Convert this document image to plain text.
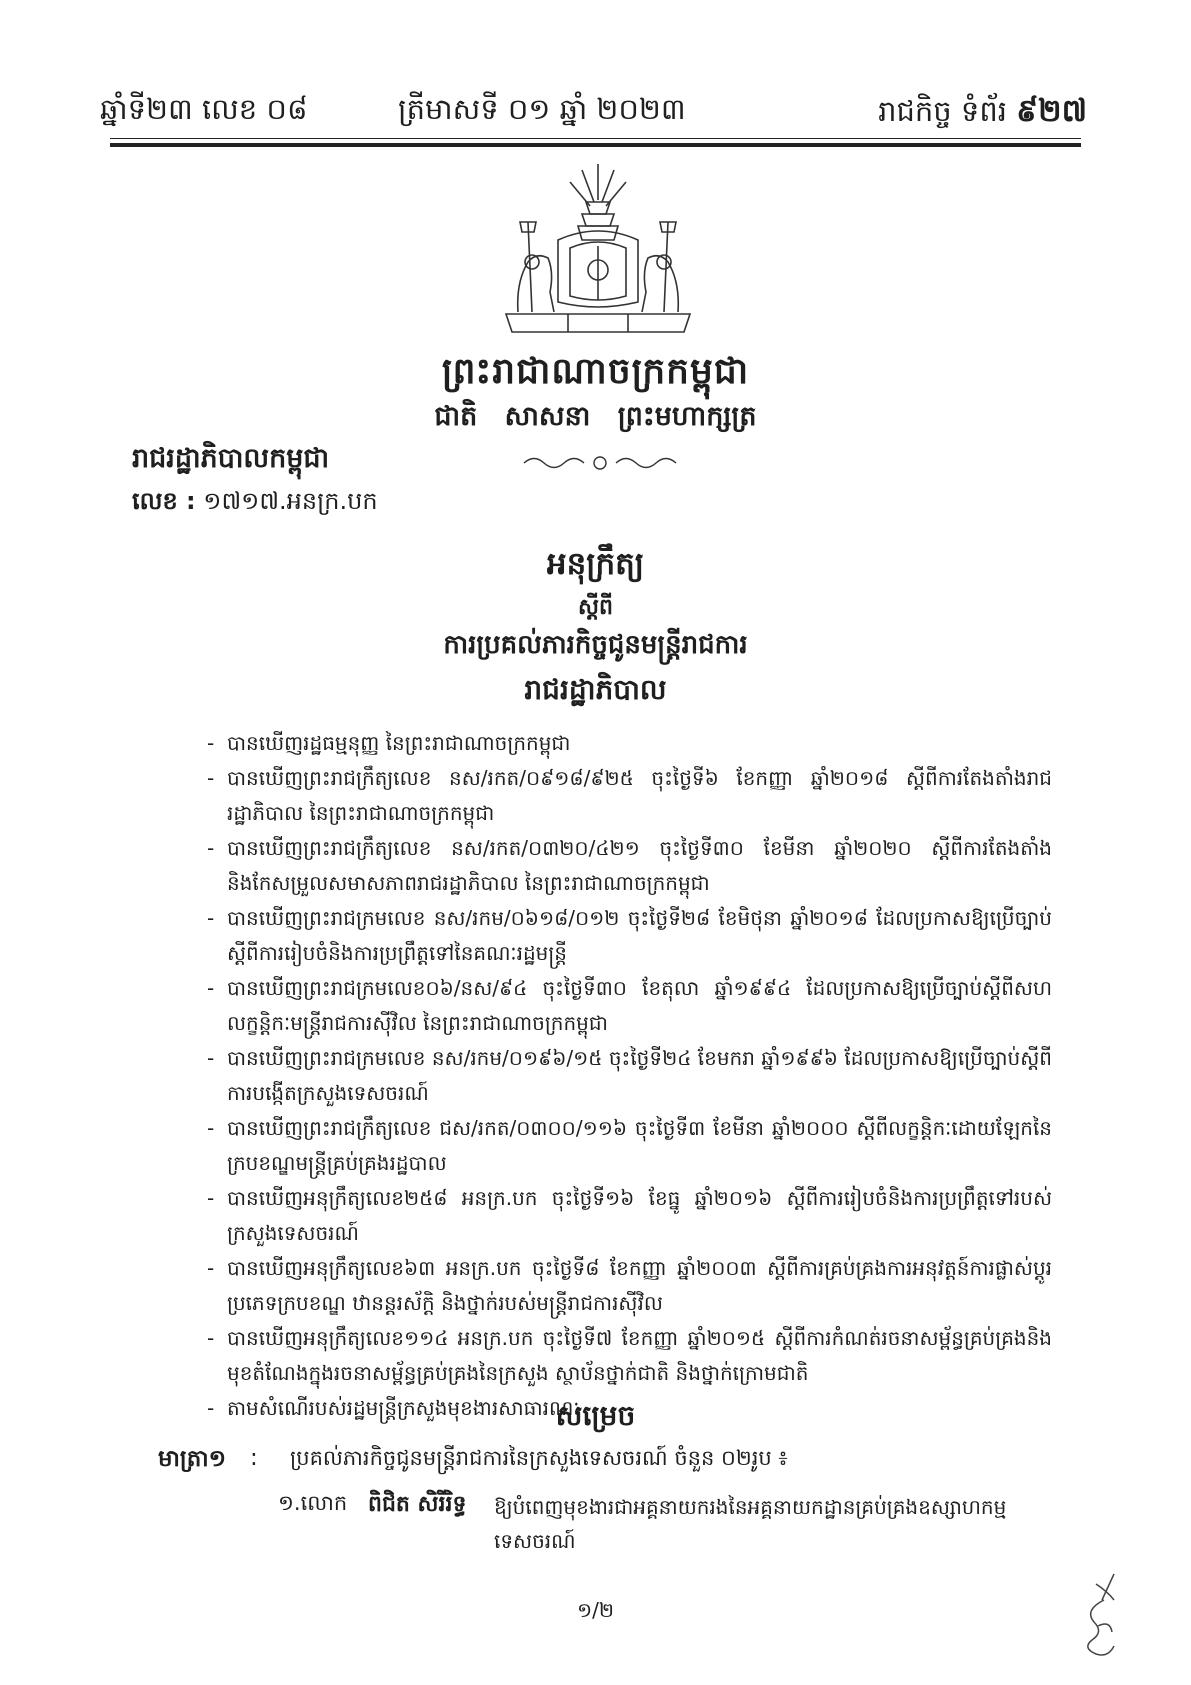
ឆ្នាំទី២៣ លេខ ០៨	ត្រីមាសទី ០១ ឆ្នាំ ២០២៣	រាជកិច្ច ទំព័រ ៩២៧
ព្រះរាជាណាចក្រកម្ពុជា
ជាតិ សាសនា ព្រះមហាក្សត្រ
រាជរដ្ឋាភិបាលកម្ពុជា
លេខ : ១៧១៧.អនក្រ.បក
អនុក្រឹត្យ
ស្ដីពី
ការប្រគល់ភារកិច្ចជូនមន្ត្រីរាជការ
រាជរដ្ឋាភិបាល
- បានឃើញរដ្ឋធម្មនុញ្ញ នៃព្រះរាជាណាចក្រកម្ពុជា
- បានឃើញព្រះរាជក្រឹត្យលេខ នស/រកត/០៩១៨/៩២៥ ចុះថ្ងៃទី៦ ខែកញ្ញា ឆ្នាំ២០១៨ ស្តីពីការតែងតាំងរាជរដ្ឋាភិបាល នៃព្រះរាជាណាចក្រកម្ពុជា
- បានឃើញព្រះរាជក្រឹត្យលេខ នស/រកត/០៣២០/៤២១ ចុះថ្ងៃទី៣០ ខែមីនា ឆ្នាំ២០២០ ស្តីពីការតែងតាំងនិងកែសម្រួលសមាសភាពរាជរដ្ឋាភិបាល នៃព្រះរាជាណាចក្រកម្ពុជា
- បានឃើញព្រះរាជក្រមលេខ នស/រកម/០៦១៨/០១២ ចុះថ្ងៃទី២៨ ខែមិថុនា ឆ្នាំ២០១៨ ដែលប្រកាសឱ្យប្រើច្បាប់ស្តីពីការរៀបចំនិងការប្រព្រឹត្តទៅនៃគណៈរដ្ឋមន្ត្រី
- បានឃើញព្រះរាជក្រមលេខ០៦/នស/៩៤ ចុះថ្ងៃទី៣០ ខែតុលា ឆ្នាំ១៩៩៤ ដែលប្រកាសឱ្យប្រើច្បាប់ស្តីពីសហលក្ខន្តិកៈមន្ត្រីរាជការស៊ីវិល នៃព្រះរាជាណាចក្រកម្ពុជា
- បានឃើញព្រះរាជក្រមលេខ នស/រកម/០១៩៦/១៥ ចុះថ្ងៃទី២៤ ខែមករា ឆ្នាំ១៩៩៦ ដែលប្រកាសឱ្យប្រើច្បាប់ស្តីពីការបង្កើតក្រសួងទេសចរណ៍
- បានឃើញព្រះរាជក្រឹត្យលេខ ជស/រកត/០៣០០/១១៦ ចុះថ្ងៃទី៣ ខែមីនា ឆ្នាំ២០០០ ស្តីពីលក្ខន្តិកៈដោយឡែកនៃក្របខណ្ឌមន្ត្រីគ្រប់គ្រងរដ្ឋបាល
- បានឃើញអនុក្រឹត្យលេខ២៥៨ អនក្រ.បក ចុះថ្ងៃទី១៦ ខែធ្នូ ឆ្នាំ២០១៦ ស្តីពីការរៀបចំនិងការប្រព្រឹត្តទៅរបស់ក្រសួងទេសចរណ៍
- បានឃើញអនុក្រឹត្យលេខ៦៣ អនក្រ.បក ចុះថ្ងៃទី៨ ខែកញ្ញា ឆ្នាំ២០០៣ ស្តីពីការគ្រប់គ្រងការអនុវត្តន៍ការផ្លាស់ប្តូរប្រភេទក្របខណ្ឌ ឋានន្តរស័ក្តិ និងថ្នាក់របស់មន្ត្រីរាជការស៊ីវិល
- បានឃើញអនុក្រឹត្យលេខ១១៤ អនក្រ.បក ចុះថ្ងៃទី៧ ខែកញ្ញា ឆ្នាំ២០១៥ ស្តីពីការកំណត់រចនាសម្ព័ន្ធគ្រប់គ្រងនិងមុខតំណែងក្នុងរចនាសម្ព័ន្ធគ្រប់គ្រងនៃក្រសួង ស្ថាប័នថ្នាក់ជាតិ និងថ្នាក់ក្រោមជាតិ
- តាមសំណើរបស់រដ្ឋមន្ត្រីក្រសួងមុខងារសាធារណៈ
សម្រេច
មាត្រា១ : ប្រគល់ភារកិច្ចជូនមន្ត្រីរាជការនៃក្រសួងទេសចរណ៍ ចំនួន ០២រូប ៖
១.លោក ពិជិត សិរីរិទ្ធ ឱ្យបំពេញមុខងារជាអគ្គនាយករងនៃអគ្គនាយកដ្ឋានគ្រប់គ្រងឧស្សាហកម្មទេសចរណ៍
១/២
